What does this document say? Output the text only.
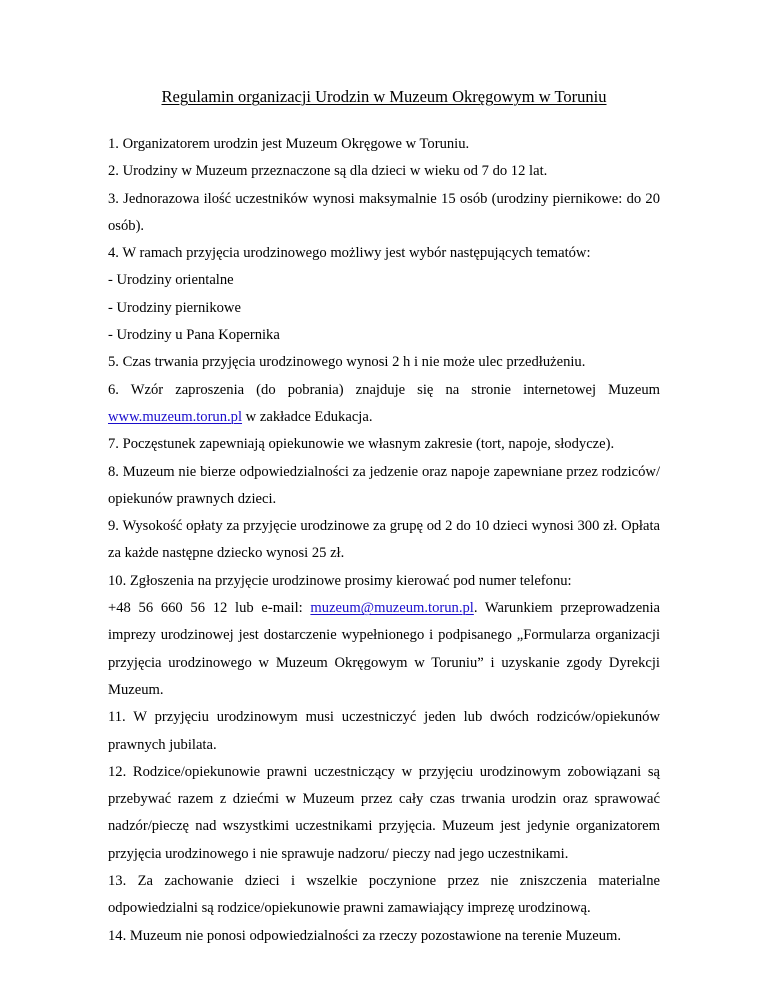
Regulamin organizacji Urodzin w Muzeum Okręgowym w Toruniu

1. Organizatorem urodzin jest Muzeum Okręgowe w Toruniu.

2. Urodziny w Muzeum przeznaczone są dla dzieci w wieku od 7 do 12 lat.

3. Jednorazowa ilość uczestników wynosi maksymalnie 15 osób (urodziny piernikowe: do 20 osób).

4. W ramach przyjęcia urodzinowego możliwy jest wybór następujących tematów:

- Urodziny orientalne

- Urodziny piernikowe

- Urodziny u Pana Kopernika

5. Czas trwania przyjęcia urodzinowego wynosi 2 h i nie może ulec przedłużeniu.

6. Wzór zaproszenia (do pobrania) znajduje się na stronie internetowej Muzeum www.muzeum.torun.pl w zakładce Edukacja.

7. Poczęstunek zapewniają opiekunowie we własnym zakresie (tort, napoje, słodycze).

8. Muzeum nie bierze odpowiedzialności za jedzenie oraz napoje zapewniane przez rodziców/ opiekunów prawnych dzieci.

9. Wysokość opłaty za przyjęcie urodzinowe za grupę od 2 do 10 dzieci wynosi 300 zł. Opłata za każde następne dziecko wynosi 25 zł.

10. Zgłoszenia na przyjęcie urodzinowe prosimy kierować pod numer telefonu:

+48 56 660 56 12 lub e-mail: muzeum@muzeum.torun.pl. Warunkiem przeprowadzenia imprezy urodzinowej jest dostarczenie wypełnionego i podpisanego „Formularza organizacji przyjęcia urodzinowego w Muzeum Okręgowym w Toruniu” i uzyskanie zgody Dyrekcji Muzeum.

11. W przyjęciu urodzinowym musi uczestniczyć jeden lub dwóch rodziców/opiekunów prawnych jubilata.

12. Rodzice/opiekunowie prawni uczestniczący w przyjęciu urodzinowym zobowiązani są przebywać razem z dziećmi w Muzeum przez cały czas trwania urodzin oraz sprawować nadzór/pieczę nad wszystkimi uczestnikami przyjęcia. Muzeum jest jedynie organizatorem przyjęcia urodzinowego i nie sprawuje nadzoru/ pieczy nad jego uczestnikami.

13. Za zachowanie dzieci i wszelkie poczynione przez nie zniszczenia materialne odpowiedzialni są rodzice/opiekunowie prawni zamawiający imprezę urodzinową.

14. Muzeum nie ponosi odpowiedzialności za rzeczy pozostawione na terenie Muzeum.
